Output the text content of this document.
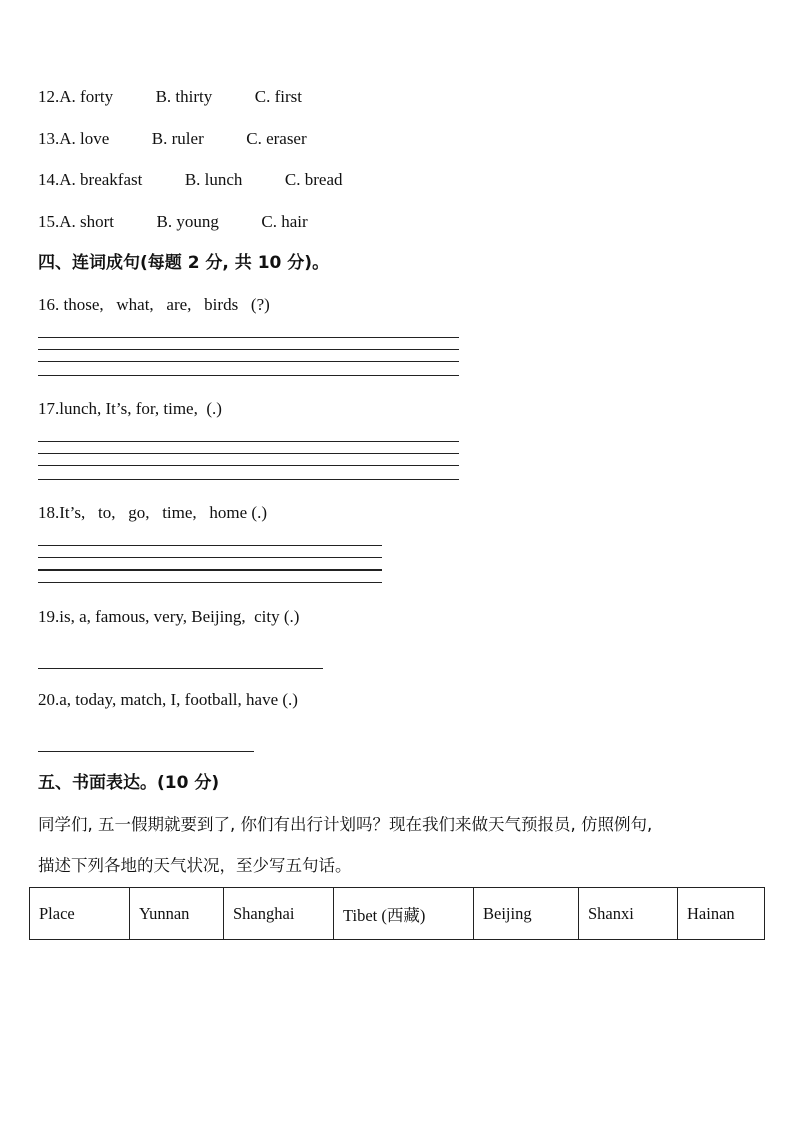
12.A. forty          B. thirty          C. first
13.A. love          B. ruler          C. eraser
14.A. breakfast          B. lunch          C. bread
15.A. short          B. young          C. hair
四、连词成句(每题 2 分, 共 10 分)。
16. those,   what,   are,   birds   (?)
17.lunch, It’s, for, time,  (.)
18.It’s,   to,   go,   time,   home (.)
19.is, a, famous, very, Beijing,  city (.)
20.a, today, match, I, football, have (.)
五、书面表达。(10 分)
同学们, 五一假期就要到了, 你们有出行计划吗？现在我们来做天气预报员, 仿照例句,
描述下列各地的天气状况，至少写五句话。
Place	Yunnan	Shanghai	Tibet (西藏)	Beijing	Shanxi	Hainan
